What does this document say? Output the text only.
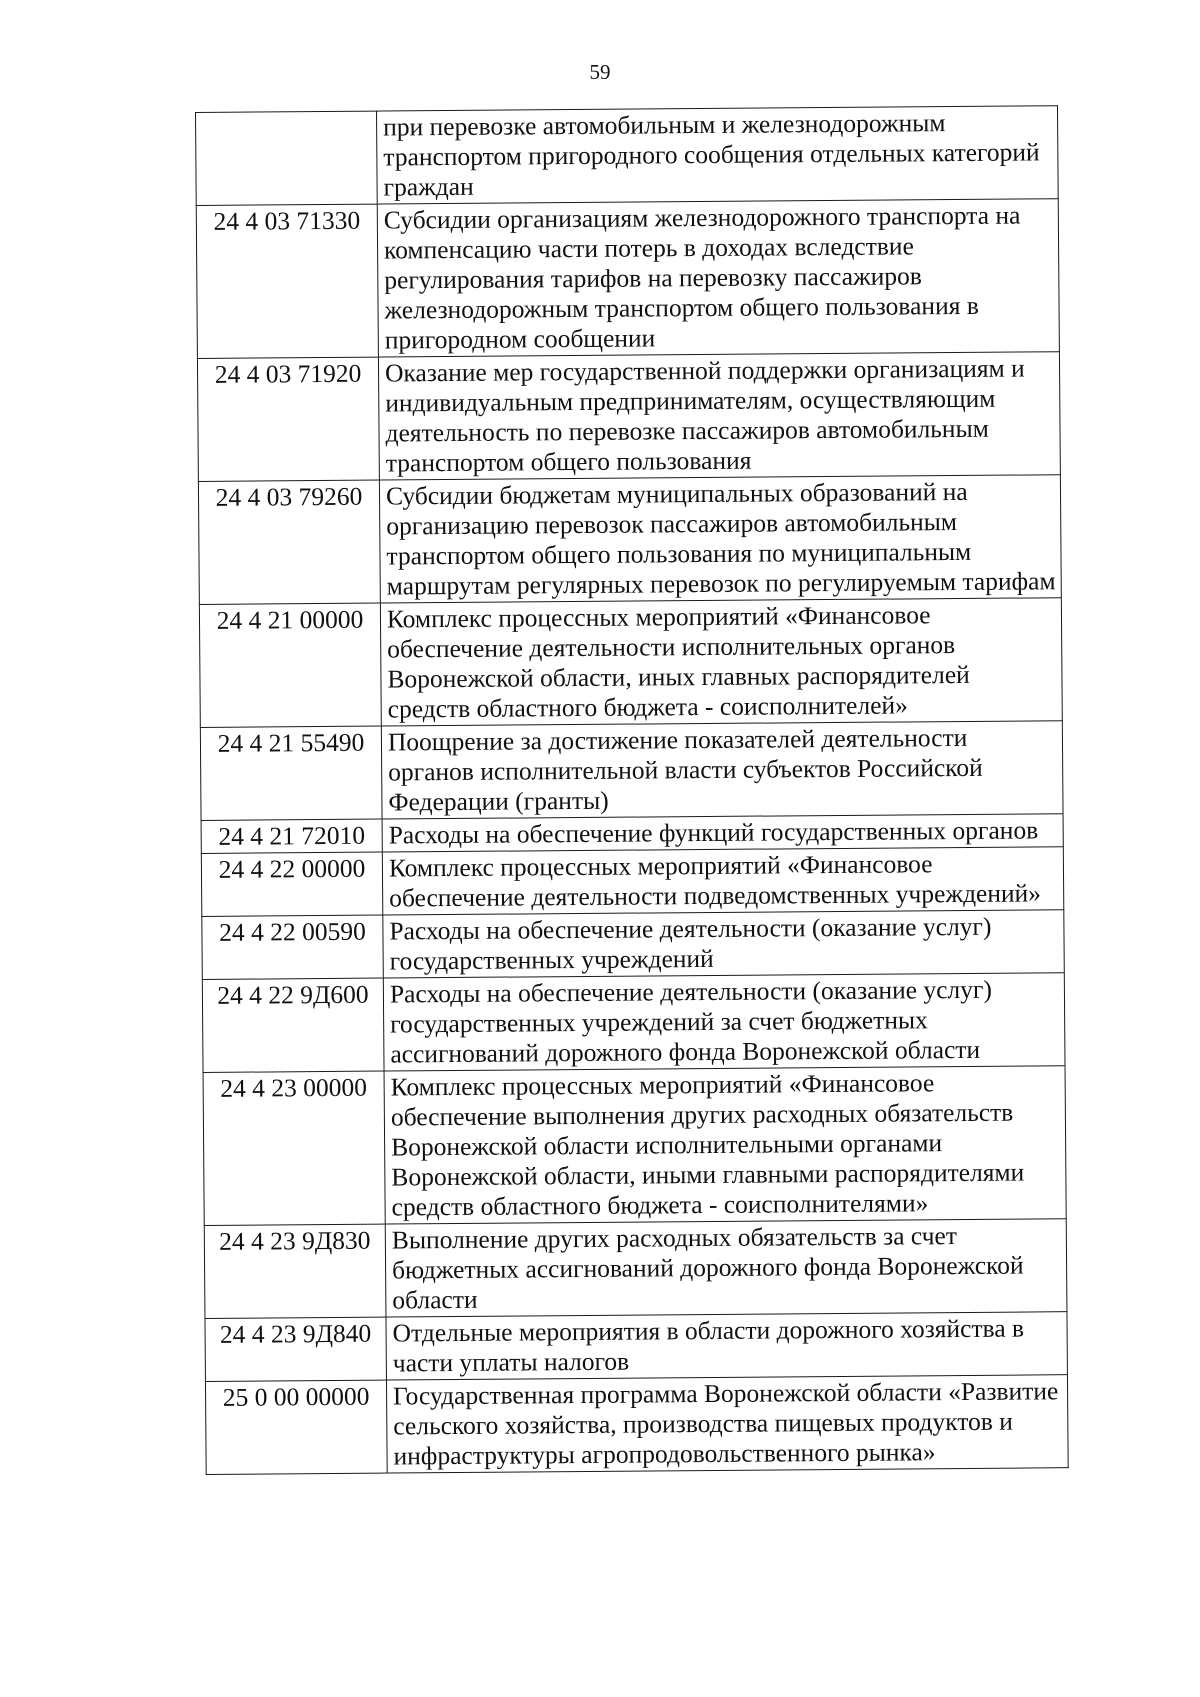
59
	при перевозке автомобильным и железнодорожным транспортом пригородного сообщения отдельных категорий граждан
24 4 03 71330	Субсидии организациям железнодорожного транспорта на компенсацию части потерь в доходах вследствие регулирования тарифов на перевозку пассажиров железнодорожным транспортом общего пользования в пригородном сообщении
24 4 03 71920	Оказание мер государственной поддержки организациям и индивидуальным предпринимателям, осуществляющим деятельность по перевозке пассажиров автомобильным транспортом общего пользования
24 4 03 79260	Субсидии бюджетам муниципальных образований на организацию перевозок пассажиров автомобильным транспортом общего пользования по муниципальным маршрутам регулярных перевозок по регулируемым тарифам
24 4 21 00000	Комплекс процессных мероприятий «Финансовое обеспечение деятельности исполнительных органов Воронежской области, иных главных распорядителей средств областного бюджета - соисполнителей»
24 4 21 55490	Поощрение за достижение показателей деятельности органов исполнительной власти субъектов Российской Федерации (гранты)
24 4 21 72010	Расходы на обеспечение функций государственных органов
24 4 22 00000	Комплекс процессных мероприятий «Финансовое обеспечение деятельности подведомственных учреждений»
24 4 22 00590	Расходы на обеспечение деятельности (оказание услуг) государственных учреждений
24 4 22 9Д600	Расходы на обеспечение деятельности (оказание услуг) государственных учреждений за счет бюджетных ассигнований дорожного фонда Воронежской области
24 4 23 00000	Комплекс процессных мероприятий «Финансовое обеспечение выполнения других расходных обязательств Воронежской области исполнительными органами Воронежской области, иными главными распорядителями средств областного бюджета - соисполнителями»
24 4 23 9Д830	Выполнение других расходных обязательств за счет бюджетных ассигнований дорожного фонда Воронежской области
24 4 23 9Д840	Отдельные мероприятия в области дорожного хозяйства в части уплаты налогов
25 0 00 00000	Государственная программа Воронежской области «Развитие сельского хозяйства, производства пищевых продуктов и инфраструктуры агропродовольственного рынка»
